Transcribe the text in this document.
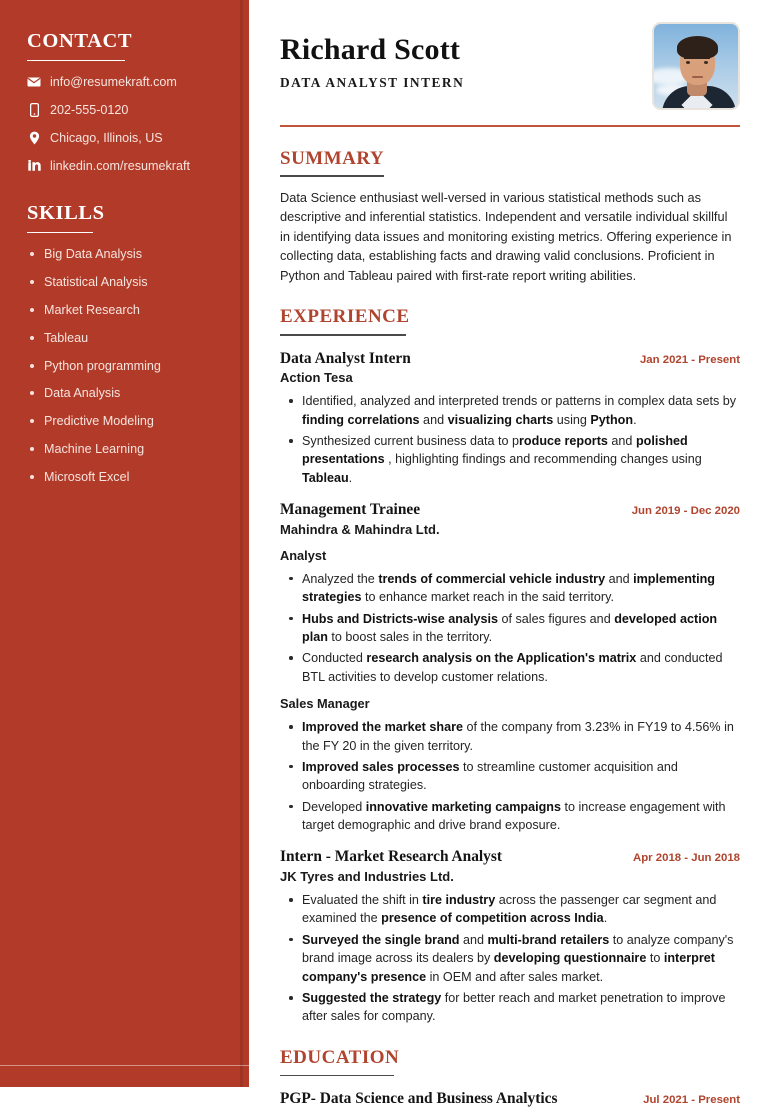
CONTACT
info@resumekraft.com
202-555-0120
Chicago, Illinois, US
linkedin.com/resumekraft
SKILLS
Big Data Analysis
Statistical Analysis
Market Research
Tableau
Python programming
Data Analysis
Predictive Modeling
Machine Learning
Microsoft Excel
Richard Scott
DATA ANALYST INTERN
SUMMARY

Data Science enthusiast well-versed in various statistical methods such as descriptive and inferential statistics. Independent and versatile individual skillful in identifying data issues and monitoring existing metrics. Offering experience in collecting data, establishing facts and drawing valid conclusions. Proficient in Python and Tableau paired with first-rate report writing abilities.

EXPERIENCE
Data Analyst Intern	Jan 2021 - Present
Action Tesa
Identified, analyzed and interpreted trends or patterns in complex data sets by finding correlations and visualizing charts using Python.
Synthesized current business data to produce reports and polished presentations , highlighting findings and recommending changes using Tableau.
Management Trainee	Jun 2019 - Dec 2020
Mahindra & Mahindra Ltd.
Analyst
Analyzed the trends of commercial vehicle industry and implementing strategies to enhance market reach in the said territory.
Hubs and Districts-wise analysis of sales figures and developed action plan to boost sales in the territory.
Conducted research analysis on the Application's matrix and conducted BTL activities to develop customer relations.
Sales Manager
Improved the market share of the company from 3.23% in FY19 to 4.56% in the FY 20 in the given territory.
Improved sales processes to streamline customer acquisition and onboarding strategies.
Developed innovative marketing campaigns to increase engagement with target demographic and drive brand exposure.
Intern - Market Research Analyst	Apr 2018 - Jun 2018
JK Tyres and Industries Ltd.
Evaluated the shift in tire industry across the passenger car segment and examined the presence of competition across India.
Surveyed the single brand and multi-brand retailers to analyze company's brand image across its dealers by developing questionnaire to interpret company's presence in OEM and after sales market.
Suggested the strategy for better reach and market penetration to improve after sales for company.
EDUCATION
PGP- Data Science and Business Analytics	Jul 2021 - Present
